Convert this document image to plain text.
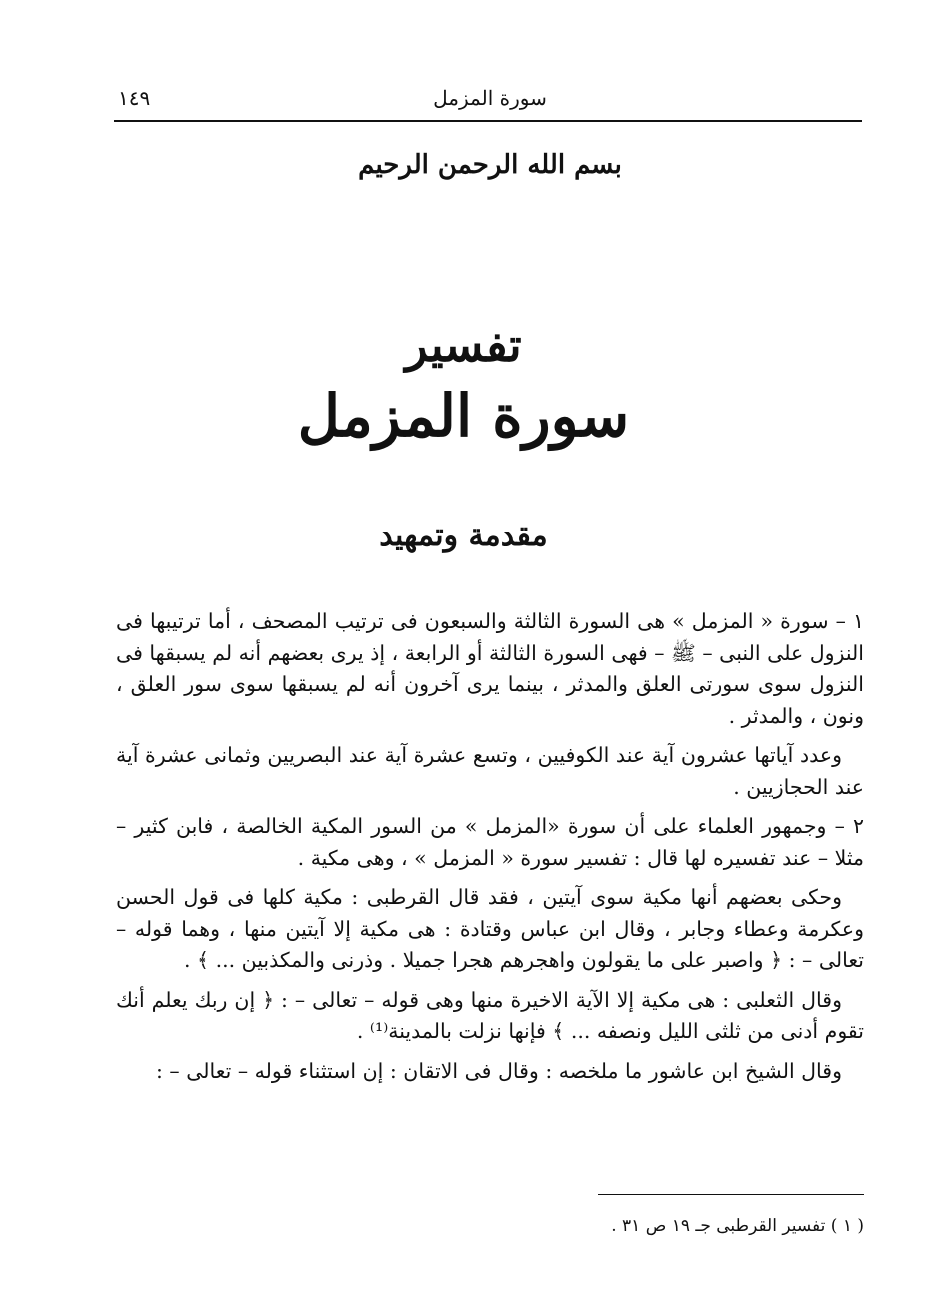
سورة المزمل
١٤٩
بسم الله الرحمن الرحيم
تفسير
سورة المزمل
مقدمة وتمهيد

١ – سورة « المزمل » هى السورة الثالثة والسبعون فى ترتيب المصحف ، أما ترتيبها فى النزول على النبى – ﷺ – فهى السورة الثالثة أو الرابعة ، إذ يرى بعضهم أنه لم يسبقها فى النزول سوى سورتى العلق والمدثر ، بينما يرى آخرون أنه لم يسبقها سوى سور العلق ، ونون ، والمدثر .

وعدد آياتها عشرون آية عند الكوفيين ، وتسع عشرة آية عند البصريين وثمانى عشرة آية عند الحجازيين .

٢ – وجمهور العلماء على أن سورة «المزمل » من السور المكية الخالصة ، فابن كثير – مثلا – عند تفسيره لها قال : تفسير سورة « المزمل » ، وهى مكية .

وحكى بعضهم أنها مكية سوى آيتين ، فقد قال القرطبى : مكية كلها فى قول الحسن وعكرمة وعطاء وجابر ، وقال ابن عباس وقتادة : هى مكية إلا آيتين منها ، وهما قوله – تعالى – : ﴿ واصبر على ما يقولون واهجرهم هجرا جميلا . وذرنى والمكذبين ... ﴾ .

وقال الثعلبى : هى مكية إلا الآية الاخيرة منها وهى قوله – تعالى – : ﴿ إن ربك يعلم أنك تقوم أدنى من ثلثى الليل ونصفه ... ﴾ فإنها نزلت بالمدينة⁽¹⁾ .

وقال الشيخ ابن عاشور ما ملخصه : وقال فى الاتقان : إن استثناء قوله – تعالى – :

( ١ ) تفسير القرطبى جـ ١٩ ص ٣١ .
